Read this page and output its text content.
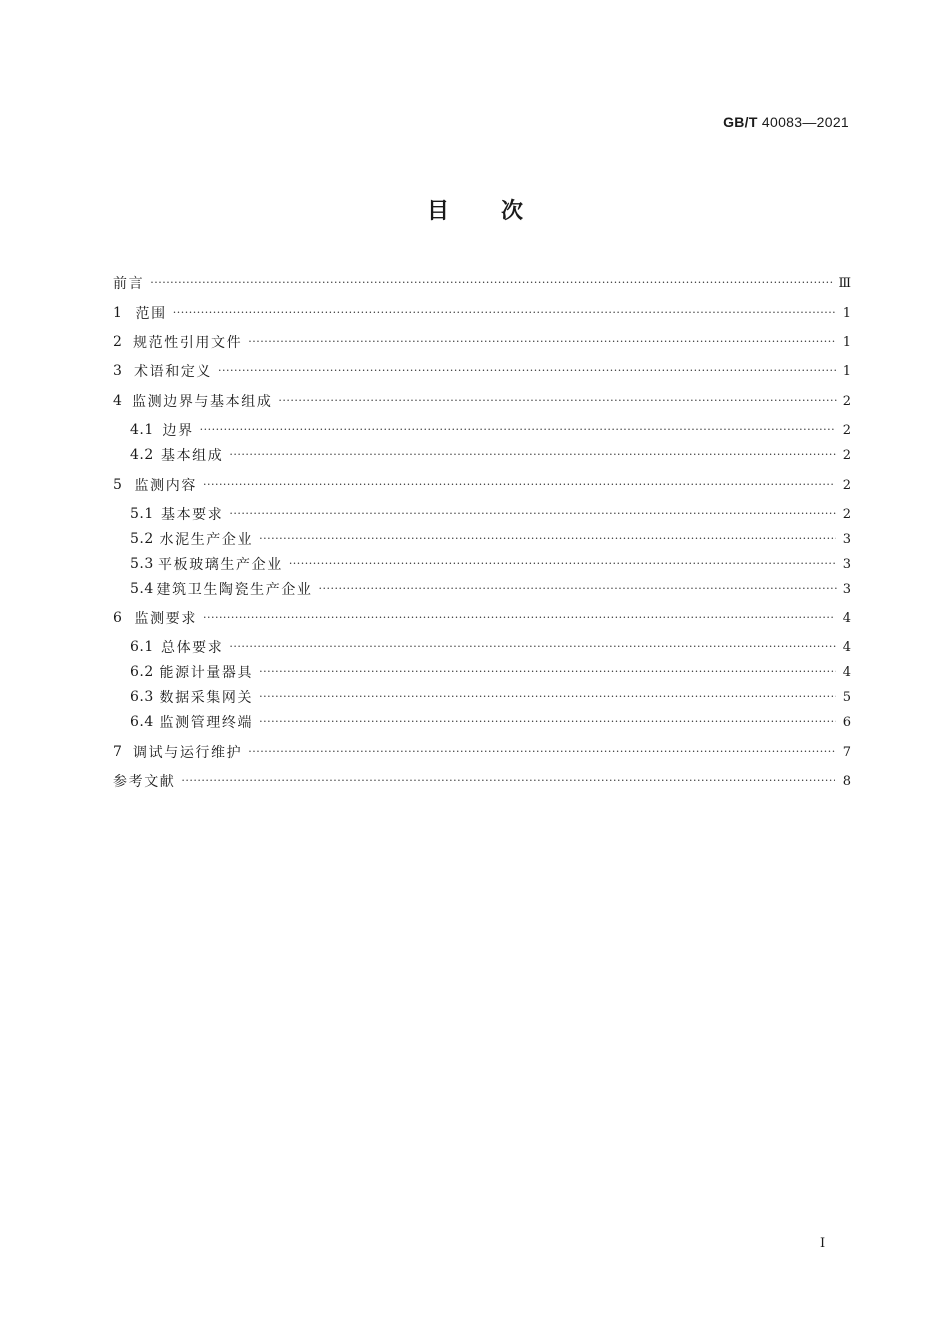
GB/T 40083—2021
目次
前言 ·····	Ⅲ
1 范围 ·····	1
2 规范性引用文件 ·····	1
3 术语和定义 ·····	1
4 监测边界与基本组成 ·····	2
4.1 边界 ·····	2
4.2 基本组成 ·····	2
5 监测内容 ·····	2
5.1 基本要求 ·····	2
5.2 水泥生产企业 ·····	3
5.3 平板玻璃生产企业 ·····	3
5.4 建筑卫生陶瓷生产企业 ·····	3
6 监测要求 ·····	4
6.1 总体要求 ·····	4
6.2 能源计量器具 ·····	4
6.3 数据采集网关 ·····	5
6.4 监测管理终端 ·····	6
7 调试与运行维护 ·····	7
参考文献 ·····	8
I
